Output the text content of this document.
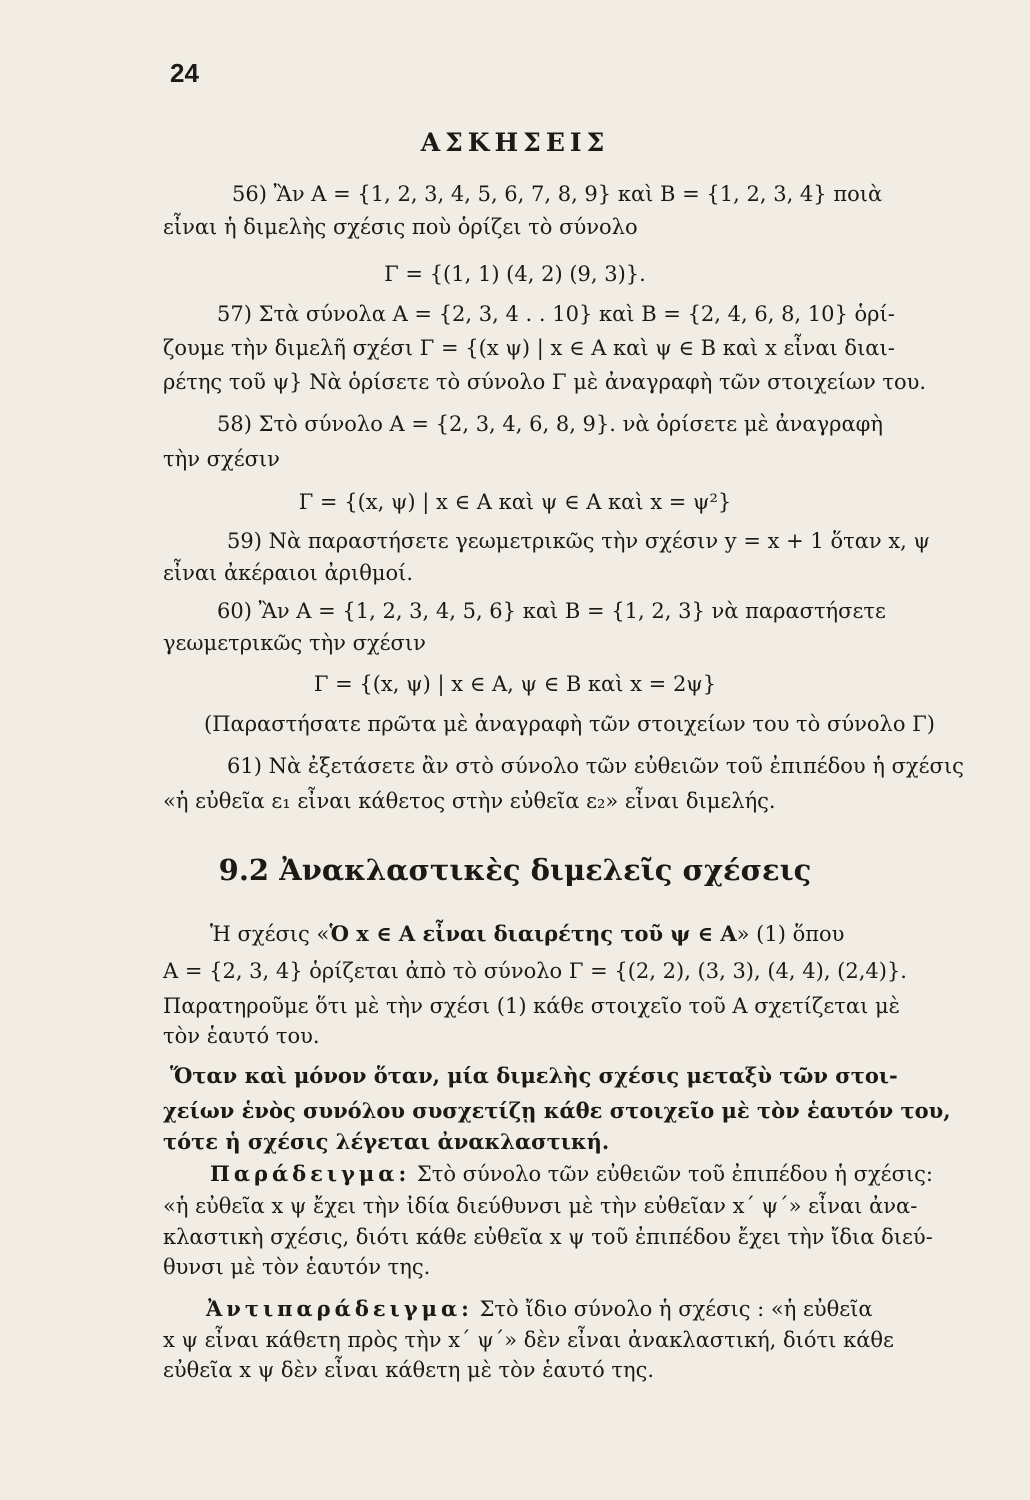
24
ΑΣΚΗΣΕΙΣ
56) Ἂν Α = {1, 2, 3, 4, 5, 6, 7, 8, 9} καὶ Β = {1, 2, 3, 4} ποιὰ
εἶναι ἡ διμελὴς σχέσις ποὺ ὁρίζει τὸ σύνολο
Γ = {(1, 1) (4, 2) (9, 3)}.
57) Στὰ σύνολα Α = {2, 3, 4 . . 10} καὶ Β = {2, 4, 6, 8, 10} ὁρί-
ζουμε τὴν διμελῆ σχέσι Γ = {(x ψ) | x ∈ Α καὶ ψ ∈ Β καὶ x εἶναι διαι-
ρέτης τοῦ ψ} Νὰ ὁρίσετε τὸ σύνολο Γ μὲ ἀναγραφὴ τῶν στοιχείων του.
58) Στὸ σύνολο Α = {2, 3, 4, 6, 8, 9}. νὰ ὁρίσετε μὲ ἀναγραφὴ
τὴν σχέσιν
Γ = {(x, ψ) | x ∈ Α καὶ ψ ∈ Α καὶ x = ψ²}
59) Νὰ παραστήσετε γεωμετρικῶς τὴν σχέσιν y = x + 1 ὅταν x, ψ
εἶναι ἀκέραιοι ἀριθμοί.
60) Ἂν Α = {1, 2, 3, 4, 5, 6} καὶ Β = {1, 2, 3} νὰ παραστήσετε
γεωμετρικῶς τὴν σχέσιν
Γ = {(x, ψ) | x ∈ Α, ψ ∈ Β καὶ x = 2ψ}
(Παραστήσατε πρῶτα μὲ ἀναγραφὴ τῶν στοιχείων του τὸ σύνολο Γ)
61) Νὰ ἐξετάσετε ἂν στὸ σύνολο τῶν εὐθειῶν τοῦ ἐπιπέδου ἡ σχέσις
«ἡ εὐθεῖα ε₁ εἶναι κάθετος στὴν εὐθεῖα ε₂» εἶναι διμελής.
9.2 Ἀνακλαστικὲς διμελεῖς σχέσεις
Ἡ σχέσις «Ὁ x ∈ Α εἶναι διαιρέτης τοῦ ψ ∈ Α» (1) ὅπου
Α = {2, 3, 4} ὁρίζεται ἀπὸ τὸ σύνολο Γ = {(2, 2), (3, 3), (4, 4), (2,4)}.
Παρατηροῦμε ὅτι μὲ τὴν σχέσι (1) κάθε στοιχεῖο τοῦ Α σχετίζεται μὲ
τὸν ἑαυτό του.
Ὅταν καὶ μόνον ὅταν, μία διμελὴς σχέσις μεταξὺ τῶν στοι-
χείων ἑνὸς συνόλου συσχετίζῃ κάθε στοιχεῖο μὲ τὸν ἑαυτόν του,
τότε ἡ σχέσις λέγεται ἀνακλαστική.
Παράδειγμα: Στὸ σύνολο τῶν εὐθειῶν τοῦ ἐπιπέδου ἡ σχέσις:
«ἡ εὐθεῖα x ψ ἔχει τὴν ἰδία διεύθυνσι μὲ τὴν εὐθεῖαν x΄ ψ΄» εἶναι ἀνα-
κλαστικὴ σχέσις, διότι κάθε εὐθεῖα x ψ τοῦ ἐπιπέδου ἔχει τὴν ἴδια διεύ-
θυνσι μὲ τὸν ἑαυτόν της.
Ἀντιπαράδειγμα: Στὸ ἴδιο σύνολο ἡ σχέσις : «ἡ εὐθεῖα
x ψ εἶναι κάθετη πρὸς τὴν x΄ ψ΄» δὲν εἶναι ἀνακλαστική, διότι κάθε
εὐθεῖα x ψ δὲν εἶναι κάθετη μὲ τὸν ἑαυτό της.
